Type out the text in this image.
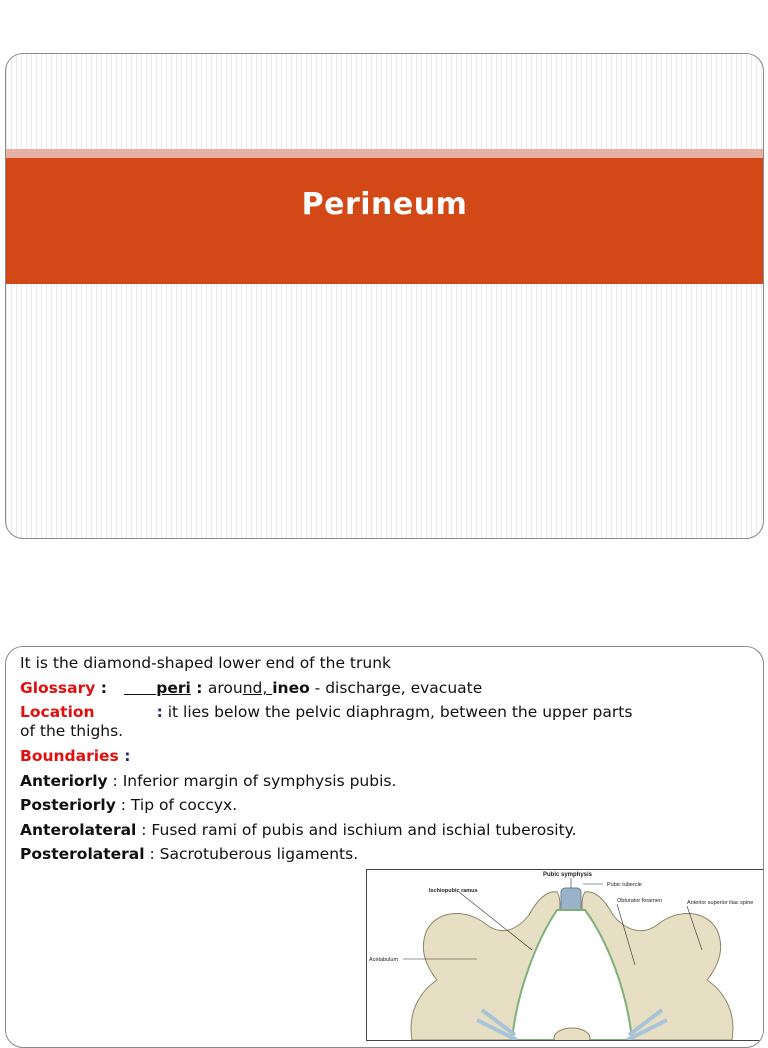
Perineum
It is the diamond-shaped lower end of the trunk
Glossary :	peri : around, ineo - discharge, evacuate
Location	: it lies below the pelvic diaphragm, between the upper parts
of the thighs.
Boundaries :
Anteriorly : Inferior margin of symphysis pubis.
Posteriorly : Tip of coccyx.
Anterolateral : Fused rami of pubis and ischium and ischial tuberosity.
Posterolateral : Sacrotuberous ligaments.
Pubic symphysis
Pubic tubercle
Ischiopubic ramus
Obturator foramen	Anterior superior iliac spine
Acetabulum
